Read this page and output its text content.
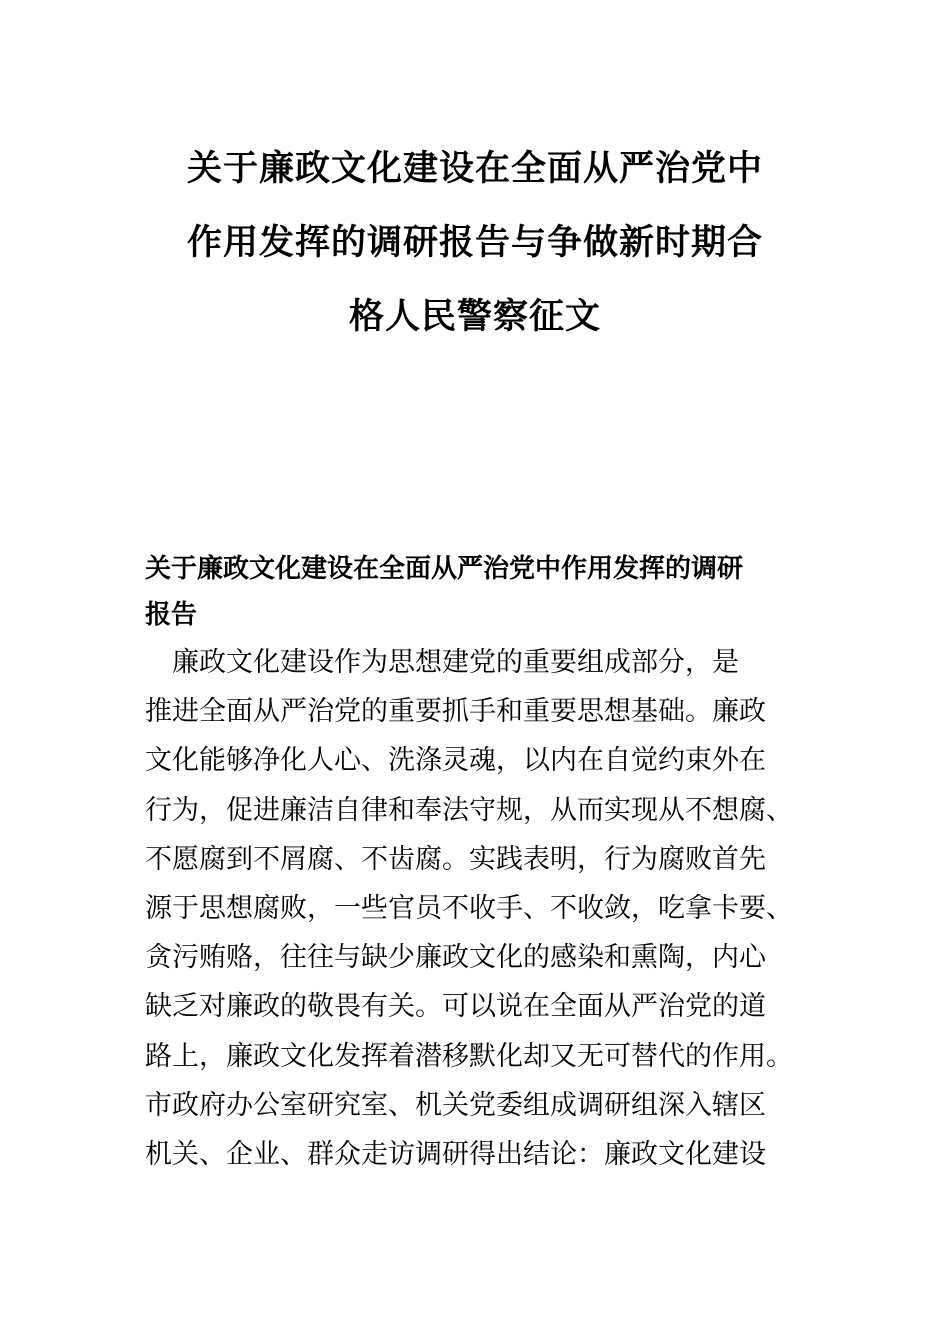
关于廉政文化建设在全面从严治党中
作用发挥的调研报告与争做新时期合
格人民警察征文
关于廉政文化建设在全面从严治党中作用发挥的调研
报告

　廉政文化建设作为思想建党的重要组成部分，是
推进全面从严治党的重要抓手和重要思想基础。廉政
文化能够净化人心、洗涤灵魂，以内在自觉约束外在
行为，促进廉洁自律和奉法守规，从而实现从不想腐、
不愿腐到不屑腐、不齿腐。实践表明，行为腐败首先
源于思想腐败，一些官员不收手、不收敛，吃拿卡要、
贪污贿赂，往往与缺少廉政文化的感染和熏陶，内心
缺乏对廉政的敬畏有关。可以说在全面从严治党的道
路上，廉政文化发挥着潜移默化却又无可替代的作用。
市政府办公室研究室、机关党委组成调研组深入辖区
机关、企业、群众走访调研得出结论：廉政文化建设
